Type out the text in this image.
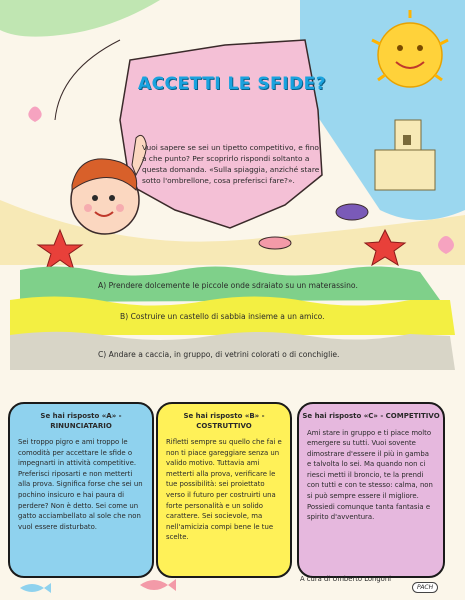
ACCETTI LE SFIDE?
Vuoi sapere se sei un tipetto competitivo, e fino a che punto? Per scoprirlo rispondi soltanto a questa domanda. «Sulla spiaggia, anziché stare sotto l'ombrellone, cosa preferisci fare?».
A) Prendere dolcemente le piccole onde sdraiato su un materassino.
B) Costruire un castello di sabbia insieme a un amico.
C) Andare a caccia, in gruppo, di vetrini colorati o di conchiglie.
Se hai risposto «A» - RINUNCIATARIO
Sei troppo pigro e ami troppo le comodità per accettare le sfide o impegnarti in attività competitive. Preferisci riposarti e non metterti alla prova. Significa forse che sei un pochino insicuro e hai paura di perdere? Non è detto. Sei come un gatto acciambellato al sole che non vuol essere disturbato.
Se hai risposto «B» - COSTRUTTIVO
Rifletti sempre su quello che fai e non ti piace gareggiare senza un valido motivo. Tuttavia ami metterti alla prova, verificare le tue possibilità: sei proiettato verso il futuro per costruirti una forte personalità e un solido carattere. Sei socievole, ma nell'amicizia compi bene le tue scelte.
Se hai risposto «C» - COMPETITIVO
Ami stare in gruppo e ti piace molto emergere su tutti. Vuoi sovente dimostrare d'essere il più in gamba e talvolta lo sei. Ma quando non ci riesci metti il broncio, te la prendi con tutti e con te stesso: calma, non si può sempre essere il migliore. Possiedi comunque tanta fantasia e spirito d'avventura.
A cura di Umberto Longoni
PACH
